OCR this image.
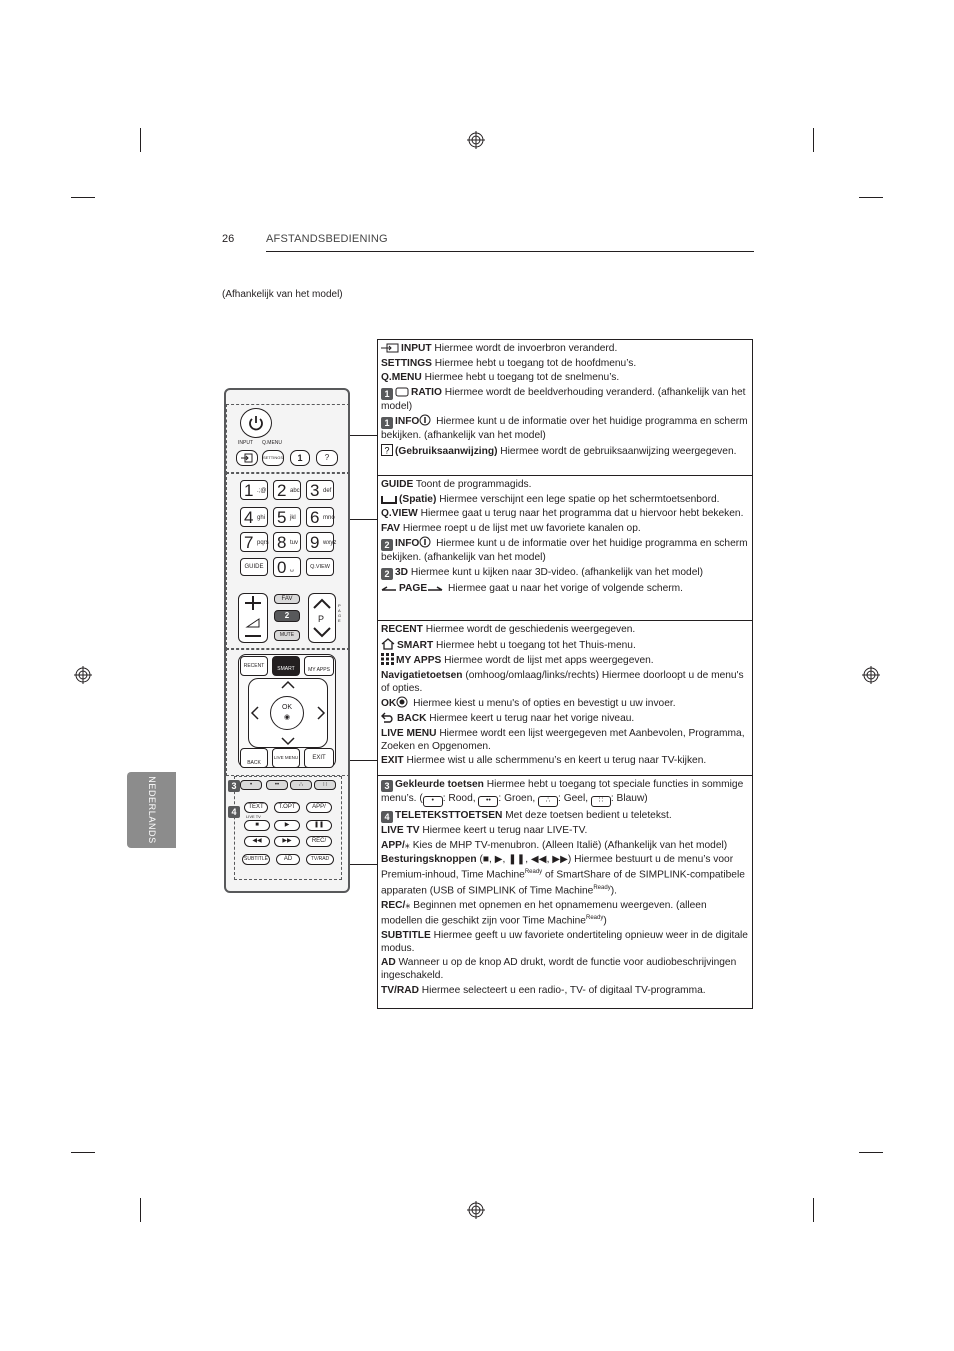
26	AFSTANDSBEDIENING
(Afhankelijk van het model)
NEDERLANDS
INPUT Q.MENU
SETTINGS	1	?
1 .;@ 2 abc 3 def
4 ghi 5 jkl 6 mno
7 pqrs 8 tuv 9 wxyz
GUIDE 0 ␣	Q.VIEW
FAV
2
MUTE
P
PAGE
RECENT	SMART	MY APPS
OK
◉
BACK
LIVE MENU	EXIT
3	•	••	∴	∷
4	TEXT	T.OPT	APP/
LIVE TV
■	▶	❚❚
◀◀	▶▶	REC/
SUBTITLE	AD	TV/RAD

INPUT Hiermee wordt de invoerbron veranderd.

SETTINGS Hiermee hebt u toegang tot de hoofdmenu’s.

Q.MENU Hiermee hebt u toegang tot de snelmenu’s.

1 RATIO Hiermee wordt de beeldverhouding veranderd. (afhankelijk van het model)

1 INFO Hiermee kunt u de informatie over het huidige programma en scherm bekijken. (afhankelijk van het model)

? (Gebruiksaanwijzing) Hiermee wordt de gebruiksaanwijzing weergegeven.

GUIDE Toont de programmagids.

(Spatie) Hiermee verschijnt een lege spatie op het schermtoetsenbord.

Q.VIEW Hiermee gaat u terug naar het programma dat u hiervoor hebt bekeken.

FAV Hiermee roept u de lijst met uw favoriete kanalen op.

2 INFO Hiermee kunt u de informatie over het huidige programma en scherm bekijken. (afhankelijk van het model)

2 3D Hiermee kunt u kijken naar 3D-video. (afhankelijk van het model)

PAGE Hiermee gaat u naar het vorige of volgende scherm.

RECENT Hiermee wordt de geschiedenis weergegeven.

SMART Hiermee hebt u toegang tot het Thuis-menu.

MY APPS Hiermee wordt de lijst met apps weergegeven.

Navigatietoetsen (omhoog/omlaag/links/rechts) Hiermee doorloopt u de menu's of opties.

OK Hiermee kiest u menu's of opties en bevestigt u uw invoer.

BACK Hiermee keert u terug naar het vorige niveau.

LIVE MENU Hiermee wordt een lijst weergegeven met Aanbevolen, Programma, Zoeken en Opgenomen.

EXIT Hiermee wist u alle schermmenu’s en keert u terug naar TV-kijken.

3 Gekleurde toetsen Hiermee hebt u toegang tot speciale functies in sommige menu’s. ( • : Rood, •• : Groen, ∴ : Geel, ∷ : Blauw)

4 TELETEKSTTOETSEN Met deze toetsen bedient u teletekst.

LIVE TV Hiermee keert u terug naar LIVE-TV.

APP/⁎ Kies de MHP TV-menubron. (Alleen Italië) (Afhankelijk van het model)

Besturingsknoppen (■, ▶, ❚❚, ◀◀, ▶▶) Hiermee bestuurt u de menu’s voor Premium-inhoud, Time Machine$^{Ready}$ of SmartShare of de SIMPLINK-compatibele apparaten (USB of SIMPLINK of Time Machine$^{Ready}$).

REC/⁎ Beginnen met opnemen en het opnamemenu weergeven. (alleen modellen die geschikt zijn voor Time Machine$^{Ready}$)

SUBTITLE Hiermee geeft u uw favoriete ondertiteling opnieuw weer in de digitale modus.

AD Wanneer u op de knop AD drukt, wordt de functie voor audiobeschrijvingen ingeschakeld.

TV/RAD Hiermee selecteert u een radio-, TV- of digitaal TV-programma.
